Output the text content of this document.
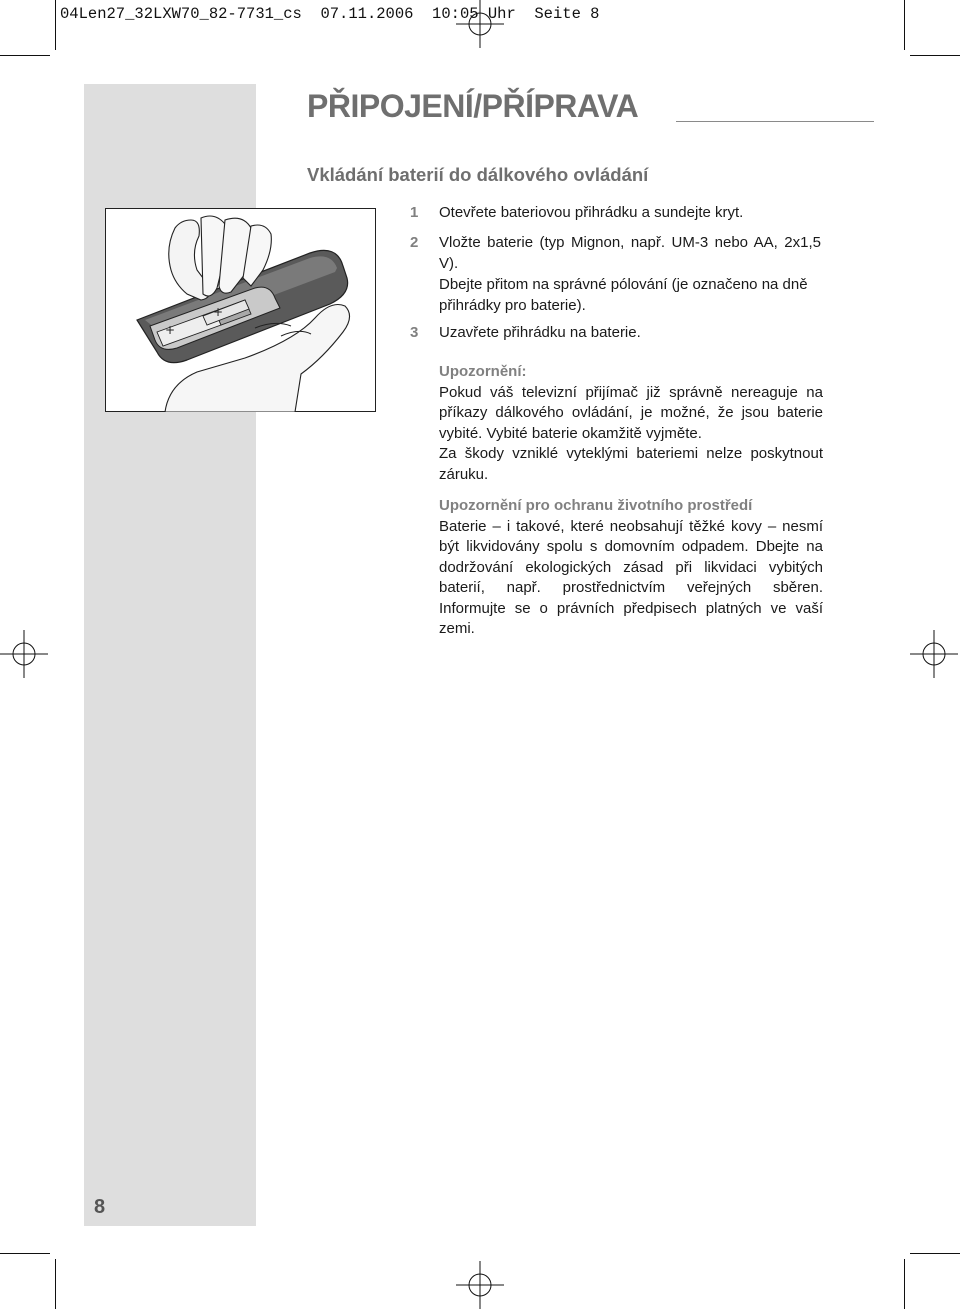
04Len27_32LXW70_82-7731_cs  07.11.2006  10:05 Uhr  Seite 8
8
PŘIPOJENÍ/PŘÍPRAVA
Vkládání baterií do dálkového ovládání
+
+
1 Otevřete bateriovou přihrádku a sundejte kryt.
2 Vložte baterie (typ Mignon, např. UM-3 nebo AA, 2x1,5 V).
Dbejte přitom na správné pólování (je označeno na dně přihrádky pro baterie).
3 Uzavřete přihrádku na baterie.

Upozornění:

Pokud váš televizní přijímač již správně nereaguje na příkazy dálkového ovládání, je možné, že jsou baterie vybité. Vybité baterie okamžitě vyjměte.

Za škody vzniklé vyteklými bateriemi nelze poskytnout záruku.

Upozornění pro ochranu životního prostředí

Baterie – i takové, které neobsahují těžké kovy – nesmí být likvidovány spolu s domovním odpadem. Dbejte na dodržování ekologických zásad při likvidaci vybitých baterií, např. prostřednictvím veřejných sběren. Informujte se o právních předpisech platných ve vaší zemi.
